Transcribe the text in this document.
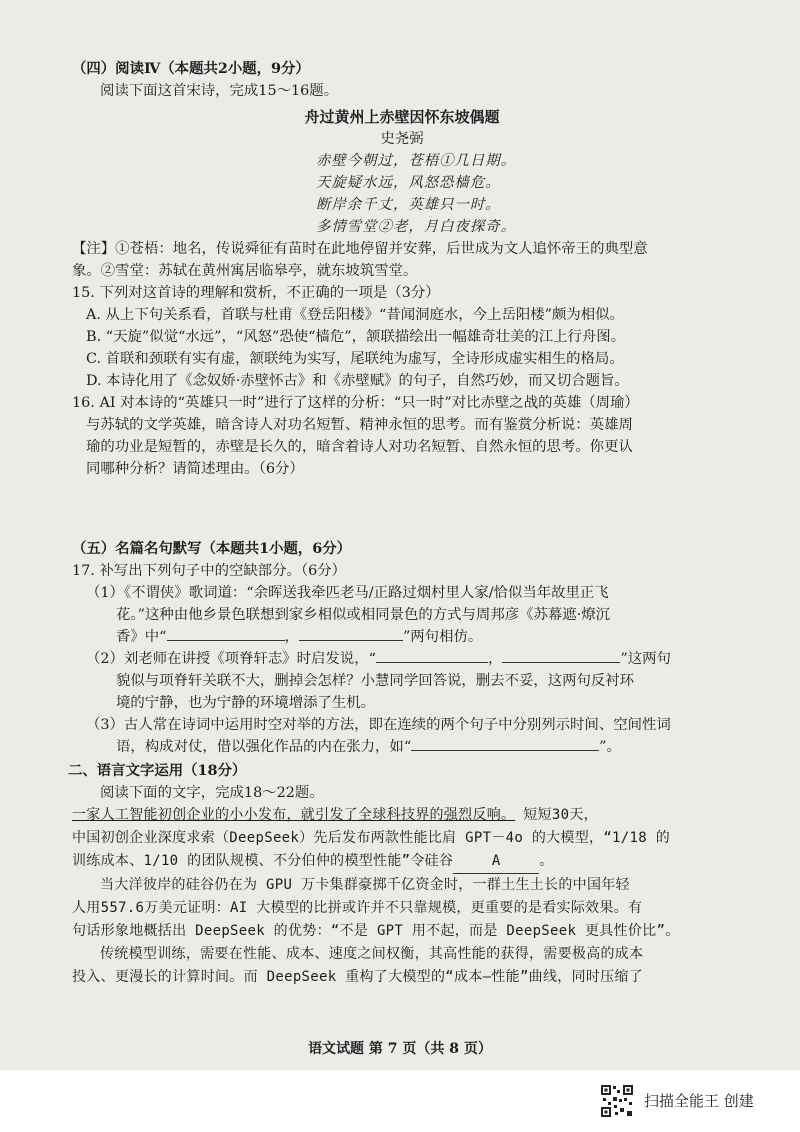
（四）阅读Ⅳ（本题共2小题，9分）
阅读下面这首宋诗，完成15～16题。
舟过黄州上赤壁因怀东坡偶题
史尧弼
赤壁今朝过，苍梧①几日期。
天旋疑水远，风怒恐樯危。
断岸余千丈，英雄只一时。
多情雪堂②老，月白夜探奇。
【注】①苍梧：地名，传说舜征有苗时在此地停留并安葬，后世成为文人追怀帝王的典型意
象。②雪堂：苏轼在黄州寓居临皋亭，就东坡筑雪堂。
15. 下列对这首诗的理解和赏析，不正确的一项是（3分）
A. 从上下句关系看，首联与杜甫《登岳阳楼》“昔闻洞庭水，今上岳阳楼”颇为相似。
B. “天旋”似觉“水远”，“风怒”恐使“樯危”，颔联描绘出一幅雄奇壮美的江上行舟图。
C. 首联和颈联有实有虚，颔联纯为实写，尾联纯为虚写，全诗形成虚实相生的格局。
D. 本诗化用了《念奴娇·赤壁怀古》和《赤壁赋》的句子，自然巧妙，而又切合题旨。
16. AI 对本诗的“英雄只一时”进行了这样的分析：“只一时”对比赤壁之战的英雄（周瑜）
与苏轼的文学英雄，暗含诗人对功名短暂、精神永恒的思考。而有鉴赏分析说：英雄周
瑜的功业是短暂的，赤壁是长久的，暗含着诗人对功名短暂、自然永恒的思考。你更认
同哪种分析？请简述理由。（6分）
（五）名篇名句默写（本题共1小题，6分）
17. 补写出下列句子中的空缺部分。（6分）
（1）《不谓侠》歌词道：“余晖送我牵匹老马/正路过烟村里人家/恰似当年故里正飞
花。”这种由他乡景色联想到家乡相似或相同景色的方式与周邦彦《苏幕遮·燎沉
香》中“	，	”两句相仿。
（2）刘老师在讲授《项脊轩志》时启发说，“	，	”这两句
貌似与项脊轩关联不大，删掉会怎样？小慧同学回答说，删去不妥，这两句反衬环
境的宁静，也为宁静的环境增添了生机。
（3）古人常在诗词中运用时空对举的方法，即在连续的两个句子中分别列示时间、空间性词
语，构成对仗，借以强化作品的内在张力，如“	”。
二、语言文字运用（18分）
阅读下面的文字，完成18～22题。
一家人工智能初创企业的小小发布，就引发了全球科技界的强烈反响。 短短30天，
中国初创企业深度求索（DeepSeek）先后发布两款性能比肩 GPT－4o 的大模型，“1/18 的
训练成本、1/10 的团队规模、不分伯仲的模型性能”令硅谷	A	。
当大洋彼岸的硅谷仍在为 GPU 万卡集群豪掷千亿资金时，一群土生土长的中国年轻
人用557.6万美元证明：AI 大模型的比拼或许并不只靠规模，更重要的是看实际效果。有
句话形象地概括出 DeepSeek 的优势：“不是 GPT 用不起，而是 DeepSeek 更具性价比”。
传统模型训练，需要在性能、成本、速度之间权衡，其高性能的获得，需要极高的成本
投入、更漫长的计算时间。而 DeepSeek 重构了大模型的“成本—性能”曲线，同时压缩了
语文试题 第 7 页（共 8 页）
扫描全能王 创建
